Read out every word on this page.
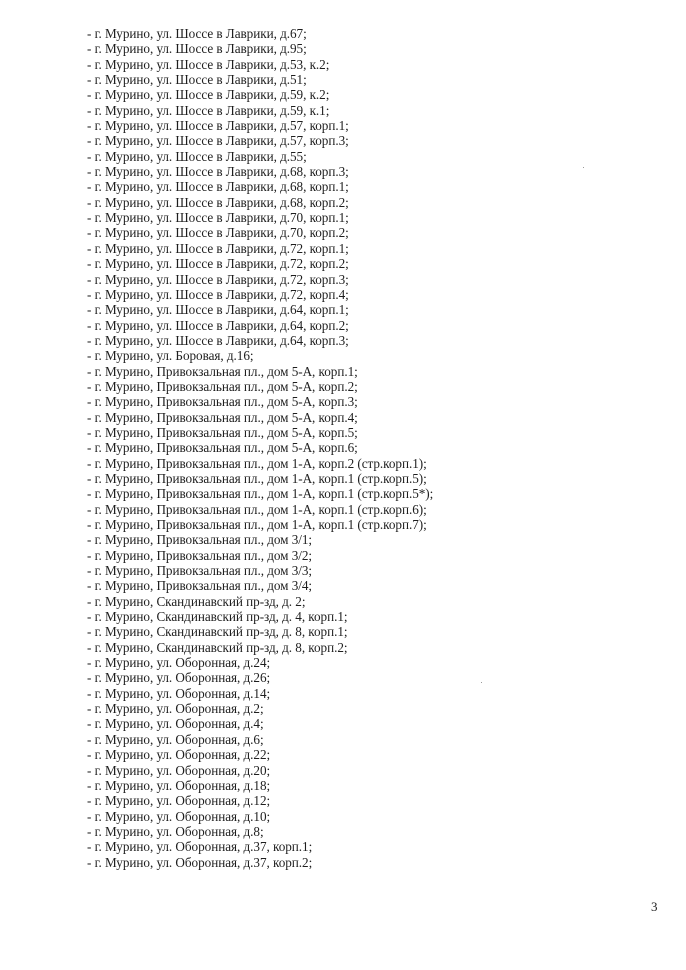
- г. Мурино, ул. Шоссе в Лаврики, д.67;
- г. Мурино, ул. Шоссе в Лаврики, д.95;
- г. Мурино, ул. Шоссе в Лаврики, д.53, к.2;
- г. Мурино, ул. Шоссе в Лаврики, д.51;
- г. Мурино, ул. Шоссе в Лаврики, д.59, к.2;
- г. Мурино, ул. Шоссе в Лаврики, д.59, к.1;
- г. Мурино, ул. Шоссе в Лаврики, д.57, корп.1;
- г. Мурино, ул. Шоссе в Лаврики, д.57, корп.3;
- г. Мурино, ул. Шоссе в Лаврики, д.55;
- г. Мурино, ул. Шоссе в Лаврики, д.68, корп.3;
- г. Мурино, ул. Шоссе в Лаврики, д.68, корп.1;
- г. Мурино, ул. Шоссе в Лаврики, д.68, корп.2;
- г. Мурино, ул. Шоссе в Лаврики, д.70, корп.1;
- г. Мурино, ул. Шоссе в Лаврики, д.70, корп.2;
- г. Мурино, ул. Шоссе в Лаврики, д.72, корп.1;
- г. Мурино, ул. Шоссе в Лаврики, д.72, корп.2;
- г. Мурино, ул. Шоссе в Лаврики, д.72, корп.3;
- г. Мурино, ул. Шоссе в Лаврики, д.72, корп.4;
- г. Мурино, ул. Шоссе в Лаврики, д.64, корп.1;
- г. Мурино, ул. Шоссе в Лаврики, д.64, корп.2;
- г. Мурино, ул. Шоссе в Лаврики, д.64, корп.3;
- г. Мурино, ул. Боровая, д.16;
- г. Мурино, Привокзальная пл., дом 5-А, корп.1;
- г. Мурино, Привокзальная пл., дом 5-А, корп.2;
- г. Мурино, Привокзальная пл., дом 5-А, корп.3;
- г. Мурино, Привокзальная пл., дом 5-А, корп.4;
- г. Мурино, Привокзальная пл., дом 5-А, корп.5;
- г. Мурино, Привокзальная пл., дом 5-А, корп.6;
- г. Мурино, Привокзальная пл., дом 1-А, корп.2 (стр.корп.1);
- г. Мурино, Привокзальная пл., дом 1-А, корп.1 (стр.корп.5);
- г. Мурино, Привокзальная пл., дом 1-А, корп.1 (стр.корп.5*);
- г. Мурино, Привокзальная пл., дом 1-А, корп.1 (стр.корп.6);
- г. Мурино, Привокзальная пл., дом 1-А, корп.1 (стр.корп.7);
- г. Мурино, Привокзальная пл., дом 3/1;
- г. Мурино, Привокзальная пл., дом 3/2;
- г. Мурино, Привокзальная пл., дом 3/3;
- г. Мурино, Привокзальная пл., дом 3/4;
- г. Мурино, Скандинавский пр-зд, д. 2;
- г. Мурино, Скандинавский пр-зд, д. 4, корп.1;
- г. Мурино, Скандинавский пр-зд, д. 8, корп.1;
- г. Мурино, Скандинавский пр-зд, д. 8, корп.2;
- г. Мурино, ул. Оборонная, д.24;
- г. Мурино, ул. Оборонная, д.26;
- г. Мурино, ул. Оборонная, д.14;
- г. Мурино, ул. Оборонная, д.2;
- г. Мурино, ул. Оборонная, д.4;
- г. Мурино, ул. Оборонная, д.6;
- г. Мурино, ул. Оборонная, д.22;
- г. Мурино, ул. Оборонная, д.20;
- г. Мурино, ул. Оборонная, д.18;
- г. Мурино, ул. Оборонная, д.12;
- г. Мурино, ул. Оборонная, д.10;
- г. Мурино, ул. Оборонная, д.8;
- г. Мурино, ул. Оборонная, д.37, корп.1;
- г. Мурино, ул. Оборонная, д.37, корп.2;
3
